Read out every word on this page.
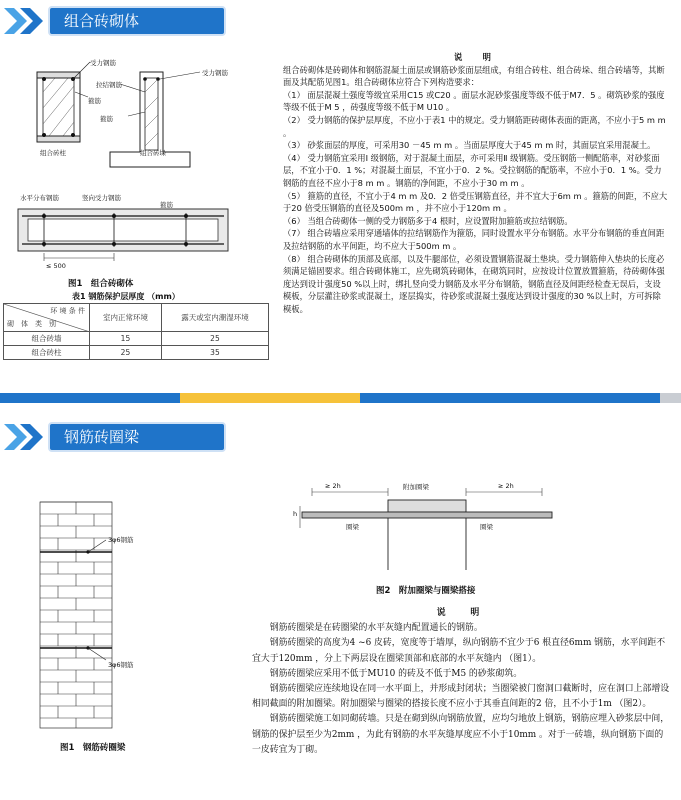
组合砖砌体
受力钢筋
受力钢筋
拉结钢筋
箍筋
箍筋
组合砖柱	组合砖垛
水平分布钢筋	竖向受力钢筋
箍筋
≤ 500
图1　组合砖砌体
表1 钢筋保护层厚度 （mm）
环 境 条 件
砌　体　类　别	室内正常环境	露天或室内潮湿环境
组合砖墙	15	25
组合砖柱	25	35

说　明

组合砖砌体是砖砌体和钢筋混凝土面层或钢筋砂浆面层组成，有组合砖柱、组合砖垛、组合砖墙等，其断面及其配筋见图1。组合砖砌体应符合下列构造要求：

（1） 面层混凝土强度等级宜采用C15 或C20 。面层水泥砂浆强度等级不低于M7．5 。砌筑砂浆的强度等级不低于M 5 ，砖强度等级不低于M U10 。

（2） 受力钢筋的保护层厚度，不应小于表1 中的规定。受力钢筋距砖砌体表面的距离，不应小于5 m m 。

（3） 砂浆面层的厚度，可采用30 －45 m m 。当面层厚度大于45 m m 时，其面层宜采用混凝土。

（4） 受力钢筋宜采用Ⅰ 级钢筋，对于混凝土面层，亦可采用Ⅱ 级钢筋。受压钢筋一侧配筋率，对砂浆面层，不宜小于0．1 %；对混凝土面层，不宜小于0．2 %。受拉钢筋的配筋率，不应小于0．1 %。受力钢筋的直径不应小于8 m m 。钢筋的净间距，不应小于30 m m 。

（5） 箍筋的直径，不宜小于4 m m 及0．2 倍受压钢筋直径，并不宜大于6m m 。箍筋的间距，不应大于20 倍受压钢筋的直径及500m m ，并不应小于120m m 。

（6） 当组合砖砌体一侧的受力钢筋多于4 根时，应设置附加箍筋或拉结钢筋。

（7） 组合砖墙应采用穿通墙体的拉结钢筋作为箍筋，同时设置水平分布钢筋。水平分布钢筋的垂直间距及拉结钢筋的水平间距，均不应大于500m m 。

（8） 组合砖砌体的顶部及底部，以及牛腿部位，必须设置钢筋混凝土垫块。受力钢筋伸入垫块的长度必须满足锚固要求。组合砖砌体施工，应先砌筑砖砌体，在砌筑同时，应按设计位置放置箍筋，待砖砌体强度达到设计强度50 %以上时，绑扎竖向受力钢筋及水平分布钢筋，钢筋直径及间距经检查无误后，支设模板，分层灌注砂浆或混凝土，逐层捣实，待砂浆或混凝土强度达到设计强度的30 %以上时，方可拆除模板。

钢筋砖圈梁
3φ6钢筋
3φ6钢筋
图1　钢筋砖圈梁
≥ 2h	附加圈梁	≥ 2h
h
圈梁	圈梁
图2　附加圈梁与圈梁搭接

说　明

钢筋砖圈梁是在砖圈梁的水平灰缝内配置通长的钢筋。

钢筋砖圈梁的高度为4 ~6 皮砖，宽度等于墙厚，纵向钢筋不宜少于6 根直径6mm 钢筋，水平间距不宜大于120mm ，分上下两层设在圈梁顶部和底部的水平灰缝内 （图1）。

钢筋砖圈梁应采用不低于MU10 的砖及不低于M5 的砂浆砌筑。

钢筋砖圈梁应连续地设在同一水平面上，并形成封闭状；当圈梁被门窗洞口截断时，应在洞口上部增设相同截面的附加圈梁。附加圈梁与圈梁的搭接长度不应小于其垂直间距的2 倍，且不小于1m （图2）。

钢筋砖圈梁施工如同砌砖墙。只是在砌到纵向钢筋放置，应均匀地放上钢筋，钢筋应埋入砂浆层中间，钢筋的保护层至少为2mm ，为此有钢筋的水平灰缝厚度应不小于10mm 。对于一砖墙，纵向钢筋下面的一皮砖宜为丁砌。
